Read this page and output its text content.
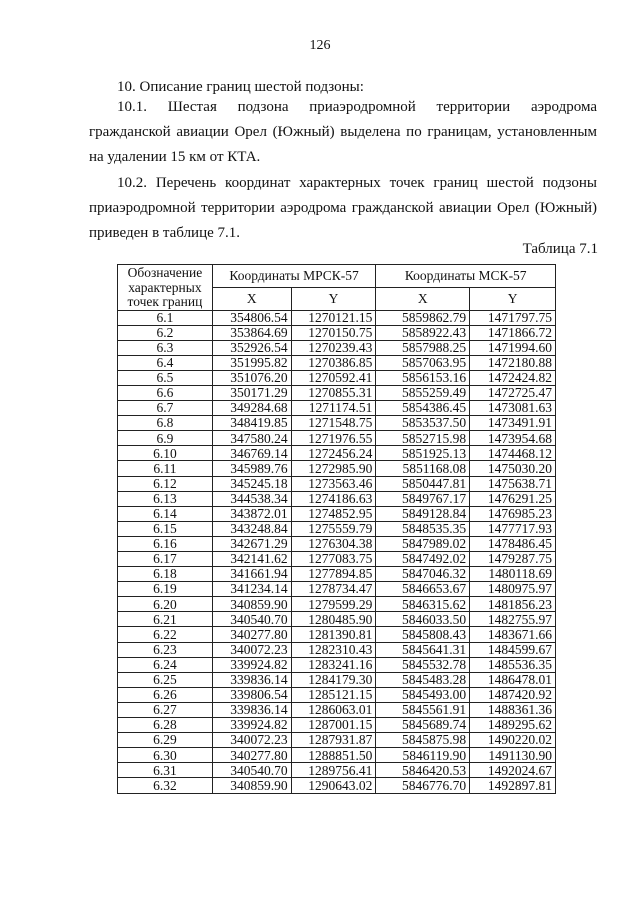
126
10. Описание границ шестой подзоны:
10.1. Шестая подзона приаэродромной территории аэродрома гражданской авиации Орел (Южный) выделена по границам, установленным на удалении 15 км от КТА.
10.2. Перечень координат характерных точек границ шестой подзоны приаэродромной территории аэродрома гражданской авиации Орел (Южный) приведен в таблице 7.1.
Таблица 7.1
Обозначение характерных точек границ	Координаты МРСК-57		Координаты МСК-57	
	X	Y	X	Y
6.1	354806.54	1270121.15	5859862.79	1471797.75
6.2	353864.69	1270150.75	5858922.43	1471866.72
6.3	352926.54	1270239.43	5857988.25	1471994.60
6.4	351995.82	1270386.85	5857063.95	1472180.88
6.5	351076.20	1270592.41	5856153.16	1472424.82
6.6	350171.29	1270855.31	5855259.49	1472725.47
6.7	349284.68	1271174.51	5854386.45	1473081.63
6.8	348419.85	1271548.75	5853537.50	1473491.91
6.9	347580.24	1271976.55	5852715.98	1473954.68
6.10	346769.14	1272456.24	5851925.13	1474468.12
6.11	345989.76	1272985.90	5851168.08	1475030.20
6.12	345245.18	1273563.46	5850447.81	1475638.71
6.13	344538.34	1274186.63	5849767.17	1476291.25
6.14	343872.01	1274852.95	5849128.84	1476985.23
6.15	343248.84	1275559.79	5848535.35	1477717.93
6.16	342671.29	1276304.38	5847989.02	1478486.45
6.17	342141.62	1277083.75	5847492.02	1479287.75
6.18	341661.94	1277894.85	5847046.32	1480118.69
6.19	341234.14	1278734.47	5846653.67	1480975.97
6.20	340859.90	1279599.29	5846315.62	1481856.23
6.21	340540.70	1280485.90	5846033.50	1482755.97
6.22	340277.80	1281390.81	5845808.43	1483671.66
6.23	340072.23	1282310.43	5845641.31	1484599.67
6.24	339924.82	1283241.16	5845532.78	1485536.35
6.25	339836.14	1284179.30	5845483.28	1486478.01
6.26	339806.54	1285121.15	5845493.00	1487420.92
6.27	339836.14	1286063.01	5845561.91	1488361.36
6.28	339924.82	1287001.15	5845689.74	1489295.62
6.29	340072.23	1287931.87	5845875.98	1490220.02
6.30	340277.80	1288851.50	5846119.90	1491130.90
6.31	340540.70	1289756.41	5846420.53	1492024.67
6.32	340859.90	1290643.02	5846776.70	1492897.81
